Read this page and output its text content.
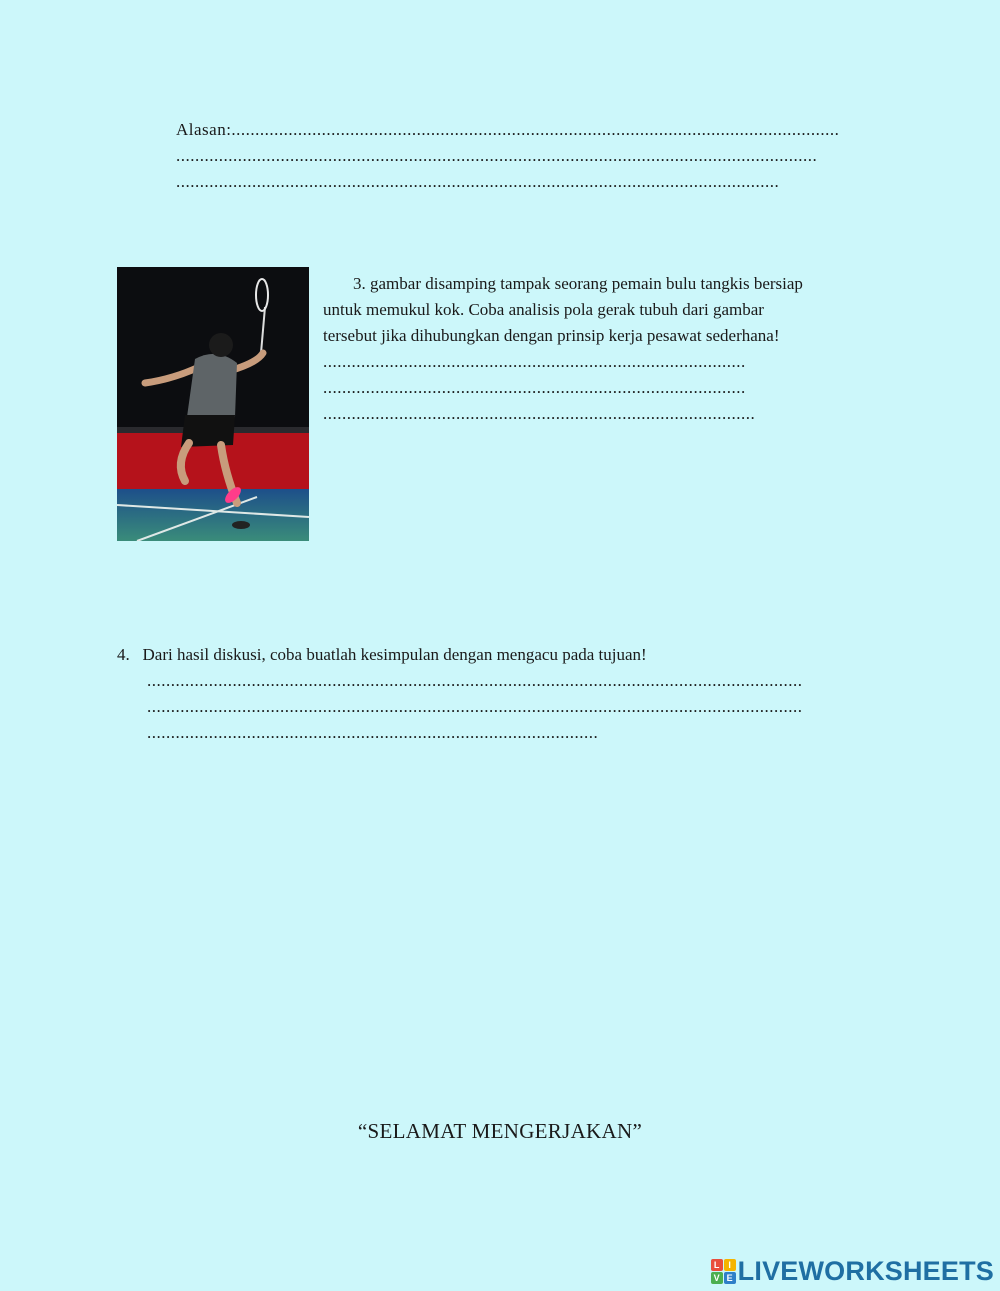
Alasan:................................................................................................................................
.......................................................................................................................................
...............................................................................................................................
3. gambar disamping tampak seorang pemain bulu tangkis bersiap
untuk memukul kok. Coba analisis pola gerak tubuh dari gambar
tersebut jika dihubungkan dengan prinsip kerja pesawat sederhana!
.........................................................................................
.........................................................................................
...........................................................................................
4. Dari hasil diskusi, coba buatlah kesimpulan dengan mengacu pada tujuan!
..........................................................................................................................................
..........................................................................................................................................
...............................................................................................
“SELAMAT MENGERJAKAN”
L I
V E LIVEWORKSHEETS
